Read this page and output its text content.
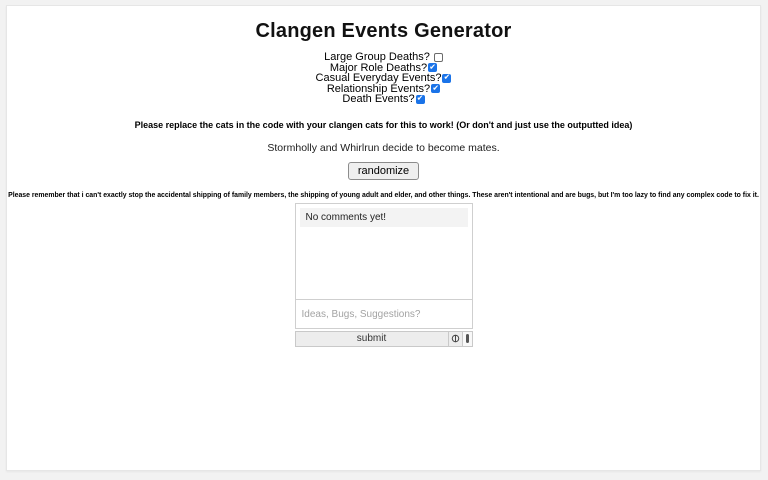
Clangen Events Generator
Large Group Deaths?
Major Role Deaths? ✔
Casual Everyday Events? ✔
Relationship Events? ✔
Death Events? ✔

Please replace the cats in the code with your clangen cats for this to work! (Or don't and just use the outputted idea)

Stormholly and Whirlrun decide to become mates.

randomize

Please remember that i can't exactly stop the accidental shipping of family members, the shipping of young adult and elder, and other things. These aren't intentional and are bugs, but I'm too lazy to find any complex code to fix it.

No comments yet!
Ideas, Bugs, Suggestions?
submit
